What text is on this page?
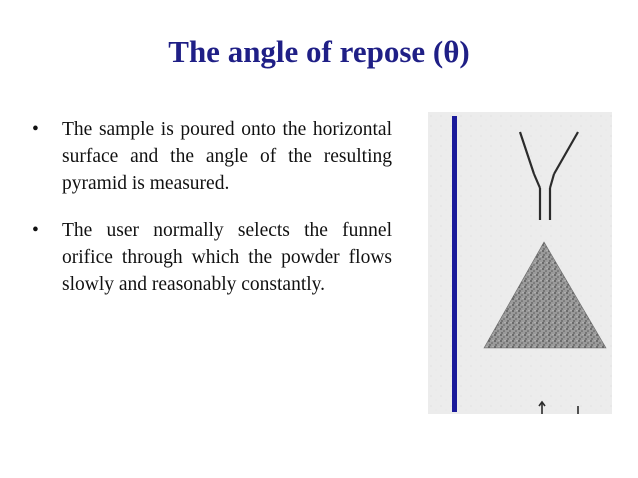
The angle of repose (θ)
•	The sample is poured onto the horizontal surface and the angle of the resulting pyramid is measured.
•	The user normally selects the funnel orifice through which the powder flows slowly and reasonably constantly.
